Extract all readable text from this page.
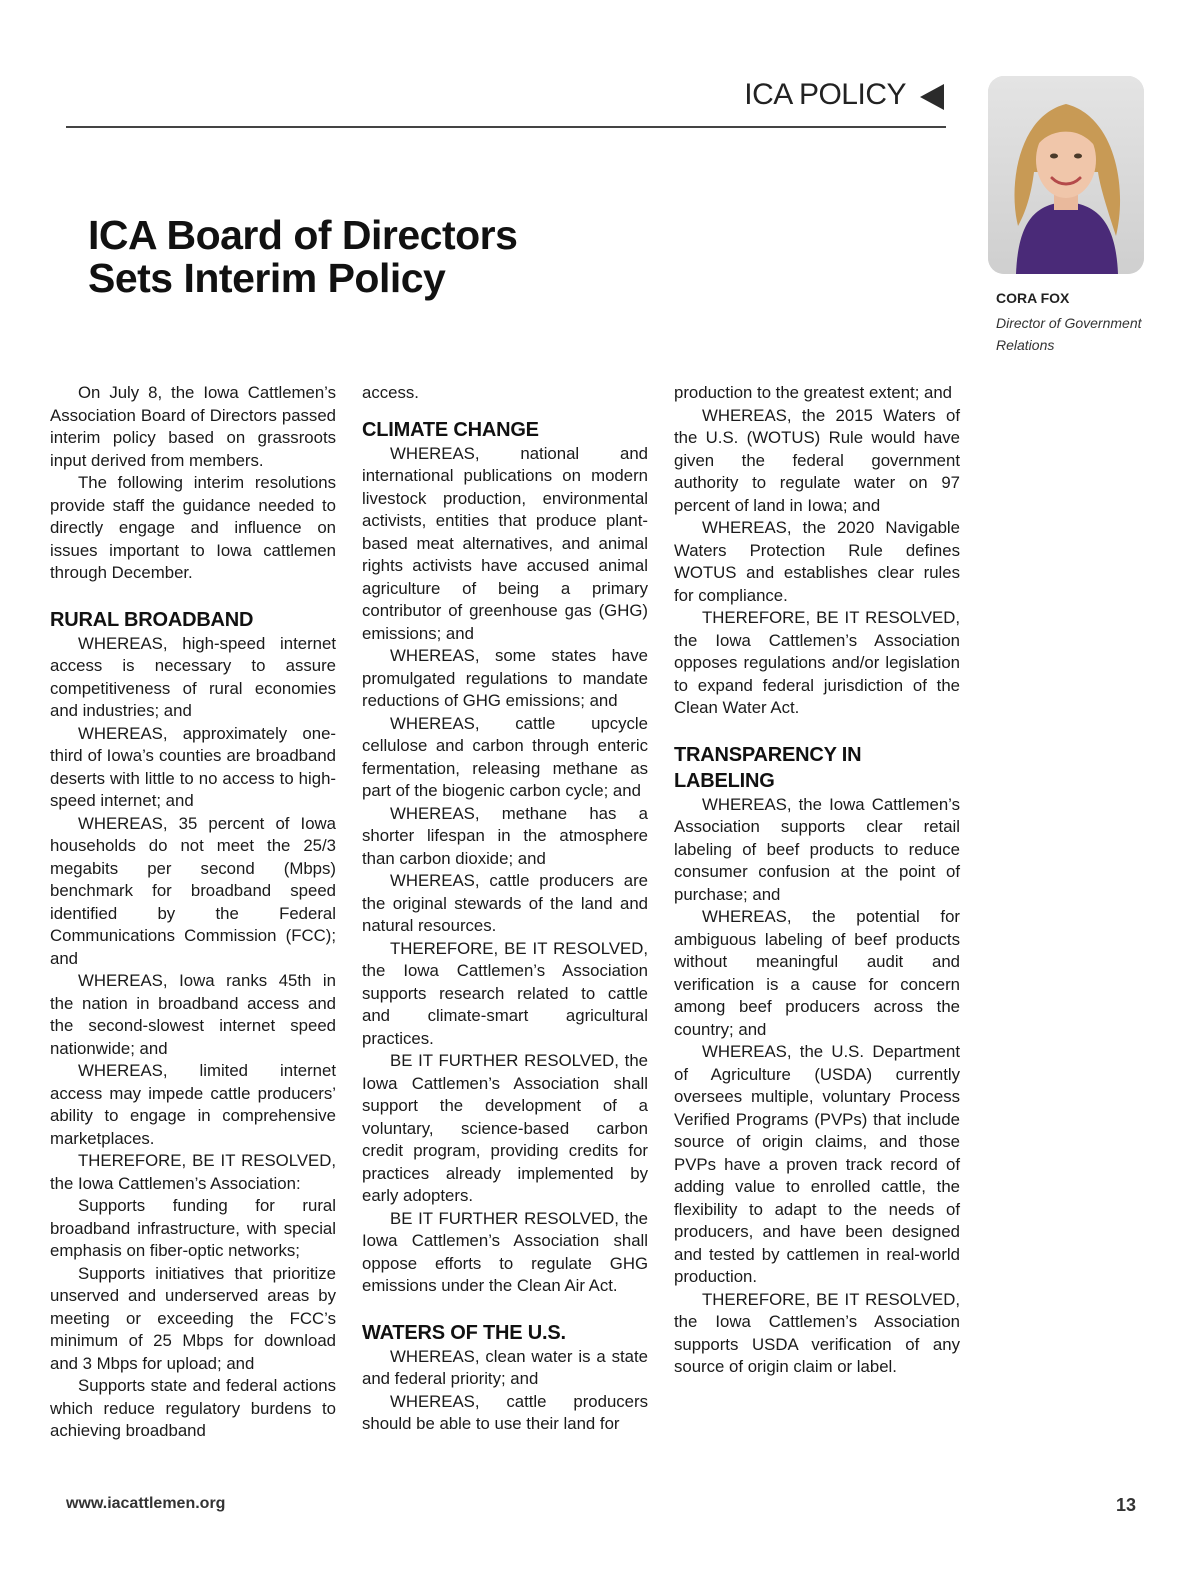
ICA POLICY
ICA Board of Directors
Sets Interim Policy	CORA FOX
Director of Government Relations

On July 8, the Iowa Cattlemen’s Association Board of Directors passed interim policy based on grassroots input derived from members.

The following interim resolutions provide staff the guidance needed to directly engage and influence on issues important to Iowa cattlemen through December.

RURAL BROADBAND

WHEREAS, high-speed internet access is necessary to assure competitiveness of rural economies and industries; and

WHEREAS, approximately one-third of Iowa’s counties are broadband deserts with little to no access to high-speed internet; and

WHEREAS, 35 percent of Iowa households do not meet the 25/3 megabits per second (Mbps) benchmark for broadband speed identified by the Federal Communications Commission (FCC); and

WHEREAS, Iowa ranks 45th in the nation in broadband access and the second-slowest internet speed nationwide; and

WHEREAS, limited internet access may impede cattle producers’ ability to engage in comprehensive marketplaces.

THEREFORE, BE IT RESOLVED, the Iowa Cattlemen’s Association:

Supports funding for rural broadband infrastructure, with special emphasis on fiber-optic networks;

Supports initiatives that prioritize unserved and underserved areas by meeting or exceeding the FCC’s minimum of 25 Mbps for download and 3 Mbps for upload; and

Supports state and federal actions which reduce regulatory burdens to achieving broadband

access.

CLIMATE CHANGE

WHEREAS, national and international publications on modern livestock production, environmental activists, entities that produce plant-based meat alternatives, and animal rights activists have accused animal agriculture of being a primary contributor of greenhouse gas (GHG) emissions; and

WHEREAS, some states have promulgated regulations to mandate reductions of GHG emissions; and

WHEREAS, cattle upcycle cellulose and carbon through enteric fermentation, releasing methane as part of the biogenic carbon cycle; and

WHEREAS, methane has a shorter lifespan in the atmosphere than carbon dioxide; and

WHEREAS, cattle producers are the original stewards of the land and natural resources.

THEREFORE, BE IT RESOLVED, the Iowa Cattlemen’s Association supports research related to cattle and climate-smart agricultural practices.

BE IT FURTHER RESOLVED, the Iowa Cattlemen’s Association shall support the development of a voluntary, science-based carbon credit program, providing credits for practices already implemented by early adopters.

BE IT FURTHER RESOLVED, the Iowa Cattlemen’s Association shall oppose efforts to regulate GHG emissions under the Clean Air Act.

WATERS OF THE U.S.

WHEREAS, clean water is a state and federal priority; and

WHEREAS, cattle producers should be able to use their land for

production to the greatest extent; and

WHEREAS, the 2015 Waters of the U.S. (WOTUS) Rule would have given the federal government authority to regulate water on 97 percent of land in Iowa; and

WHEREAS, the 2020 Navigable Waters Protection Rule defines WOTUS and establishes clear rules for compliance.

THEREFORE, BE IT RESOLVED, the Iowa Cattlemen’s Association opposes regulations and/or legislation to expand federal jurisdiction of the Clean Water Act.

TRANSPARENCY IN LABELING

WHEREAS, the Iowa Cattlemen’s Association supports clear retail labeling of beef products to reduce consumer confusion at the point of purchase; and

WHEREAS, the potential for ambiguous labeling of beef products without meaningful audit and verification is a cause for concern among beef producers across the country; and

WHEREAS, the U.S. Department of Agriculture (USDA) currently oversees multiple, voluntary Process Verified Programs (PVPs) that include source of origin claims, and those PVPs have a proven track record of adding value to enrolled cattle, the flexibility to adapt to the needs of producers, and have been designed and tested by cattlemen in real-world production.

THEREFORE, BE IT RESOLVED, the Iowa Cattlemen’s Association supports USDA verification of any source of origin claim or label.

www.iacattlemen.org	13
